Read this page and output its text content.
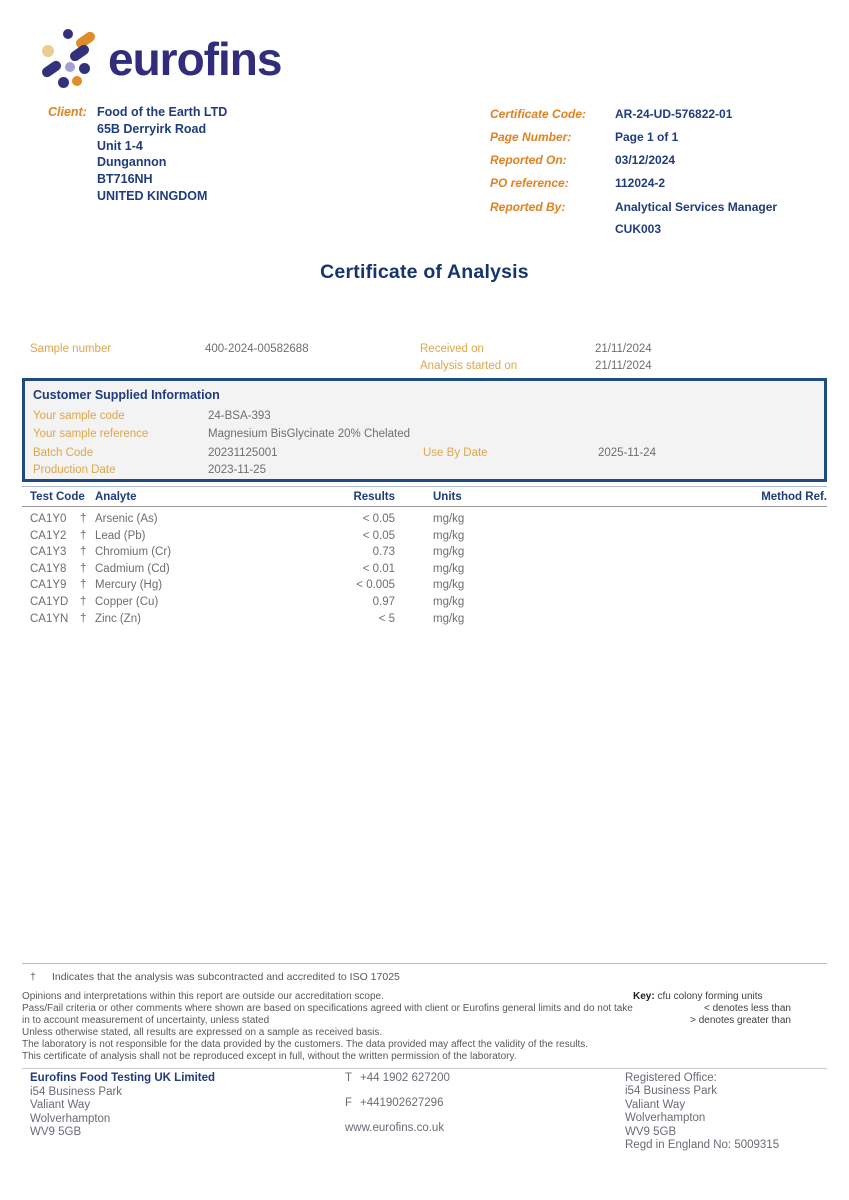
eurofins
Client: Food of the Earth LTD
65B Derryirk Road
Unit 1-4
Dungannon
BT716NH
UNITED KINGDOM
Certificate Code: AR-24-UD-576822-01
Page Number:	Page 1 of 1
Reported On:	03/12/2024
PO reference:	112024-2
Reported By:	Analytical Services Manager
CUK003
Certificate of Analysis
Sample number	400-2024-00582688	Received on	21/11/2024
Analysis started on	21/11/2024
Customer Supplied Information
Your sample code	24-BSA-393
Your sample reference	Magnesium BisGlycinate 20% Chelated
Batch Code	20231125001	Use By Date	2025-11-24
Production Date	2023-11-25
Test Code Analyte	Results	Units	Method Ref.
CA1Y0 † Arsenic (As)	< 0.05	mg/kg
CA1Y2 † Lead (Pb)	< 0.05	mg/kg
CA1Y3 † Chromium (Cr)	0.73	mg/kg
CA1Y8 † Cadmium (Cd)	< 0.01	mg/kg
CA1Y9 † Mercury (Hg)	< 0.005	mg/kg
CA1YD † Copper (Cu)	0.97	mg/kg
CA1YN † Zinc (Zn)	< 5	mg/kg
† Indicates that the analysis was subcontracted and accredited to ISO 17025
Opinions and interpretations within this report are outside our accreditation scope.
Pass/Fail criteria or other comments where shown are based on specifications agreed with client or Eurofins general limits and do not take in to account measurement of uncertainty, unless stated
Unless otherwise stated, all results are expressed on a sample as received basis.
The laboratory is not responsible for the data provided by the customers. The data provided may affect the validity of the results.
This certificate of analysis shall not be reproduced except in full, without the written permission of the laboratory.
Key: cfu colony forming units
< denotes less than
> denotes greater than
Eurofins Food Testing UK Limited
i54 Business Park
Valiant Way
Wolverhampton
WV9 5GB
T +44 1902 627200
F +441902627296
www.eurofins.co.uk
Registered Office:
i54 Business Park
Valiant Way
Wolverhampton
WV9 5GB
Regd in England No: 5009315
